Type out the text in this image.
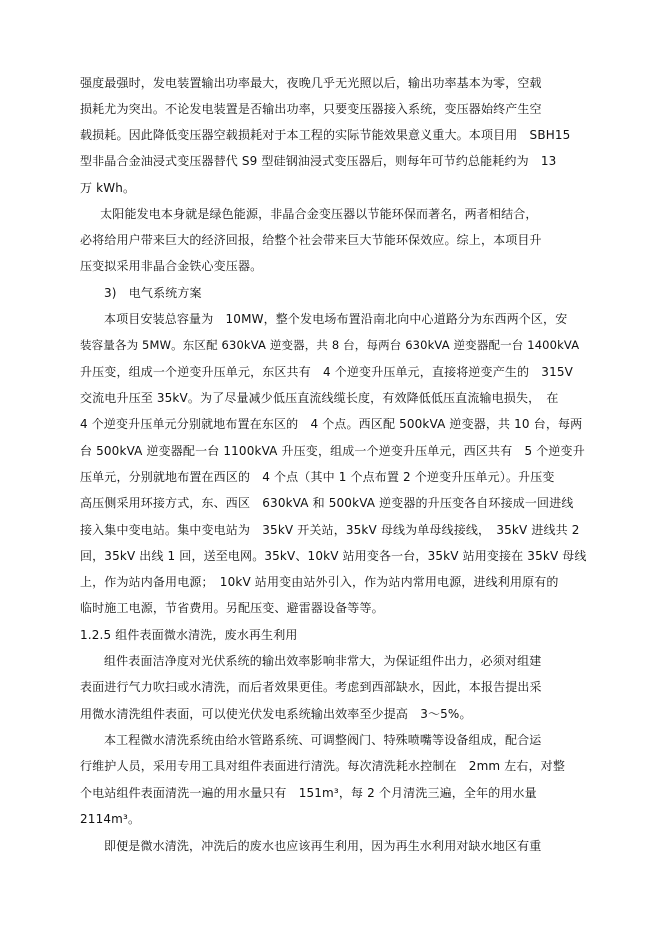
强度最强时，发电装置输出功率最大，夜晚几乎无光照以后，输出功率基本为零，空载
损耗尤为突出。不论发电装置是否输出功率，只要变压器接入系统，变压器始终产生空
载损耗。因此降低变压器空载损耗对于本工程的实际节能效果意义重大。本项目用　SBH15
型非晶合金油浸式变压器替代 S9 型硅钢油浸式变压器后，则每年可节约总能耗约为　13
万 kWh。
　太阳能发电本身就是绿色能源，非晶合金变压器以节能环保而著名，两者相结合，
必将给用户带来巨大的经济回报，给整个社会带来巨大节能环保效应。综上，本项目升
压变拟采用非晶合金铁心变压器。
3)　电气系统方案
本项目安装总容量为　10MW，整个发电场布置沿南北向中心道路分为东西两个区，安
装容量各为 5MW。东区配 630kVA 逆变器，共 8 台，每两台 630kVA 逆变器配一台 1400kVA
升压变，组成一个逆变升压单元，东区共有　4 个逆变升压单元，直接将逆变产生的　315V
交流电升压至 35kV。为了尽量减少低压直流线缆长度，有效降低低压直流输电损失，　在
4 个逆变升压单元分别就地布置在东区的　4 个点。西区配 500kVA 逆变器，共 10 台，每两
台 500kVA 逆变器配一台 1100kVA 升压变，组成一个逆变升压单元，西区共有　5 个逆变升
压单元，分别就地布置在西区的　4 个点（其中 1 个点布置 2 个逆变升压单元）。升压变
高压侧采用环接方式，东、西区　630kVA 和 500kVA 逆变器的升压变各自环接成一回进线
接入集中变电站。集中变电站为　35kV 开关站，35kV 母线为单母线接线，　35kV 进线共 2
回，35kV 出线 1 回，送至电网。35kV、10kV 站用变各一台，35kV 站用变接在 35kV 母线
上，作为站内备用电源；　10kV 站用变由站外引入，作为站内常用电源，进线利用原有的
临时施工电源，节省费用。另配压变、避雷器设备等等。
1.2.5 组件表面微水清洗，废水再生利用
组件表面洁净度对光伏系统的输出效率影响非常大，为保证组件出力，必须对组建
表面进行气力吹扫或水清洗，而后者效果更佳。考虑到西部缺水，因此，本报告提出采
用微水清洗组件表面，可以使光伏发电系统输出效率至少提高　3～5%。
本工程微水清洗系统由给水管路系统、可调整阀门、特殊喷嘴等设备组成，配合运
行维护人员，采用专用工具对组件表面进行清洗。每次清洗耗水控制在　2mm 左右，对整
个电站组件表面清洗一遍的用水量只有　151m³，每 2 个月清洗三遍，全年的用水量
2114m³。
即便是微水清洗，冲洗后的废水也应该再生利用，因为再生水利用对缺水地区有重
